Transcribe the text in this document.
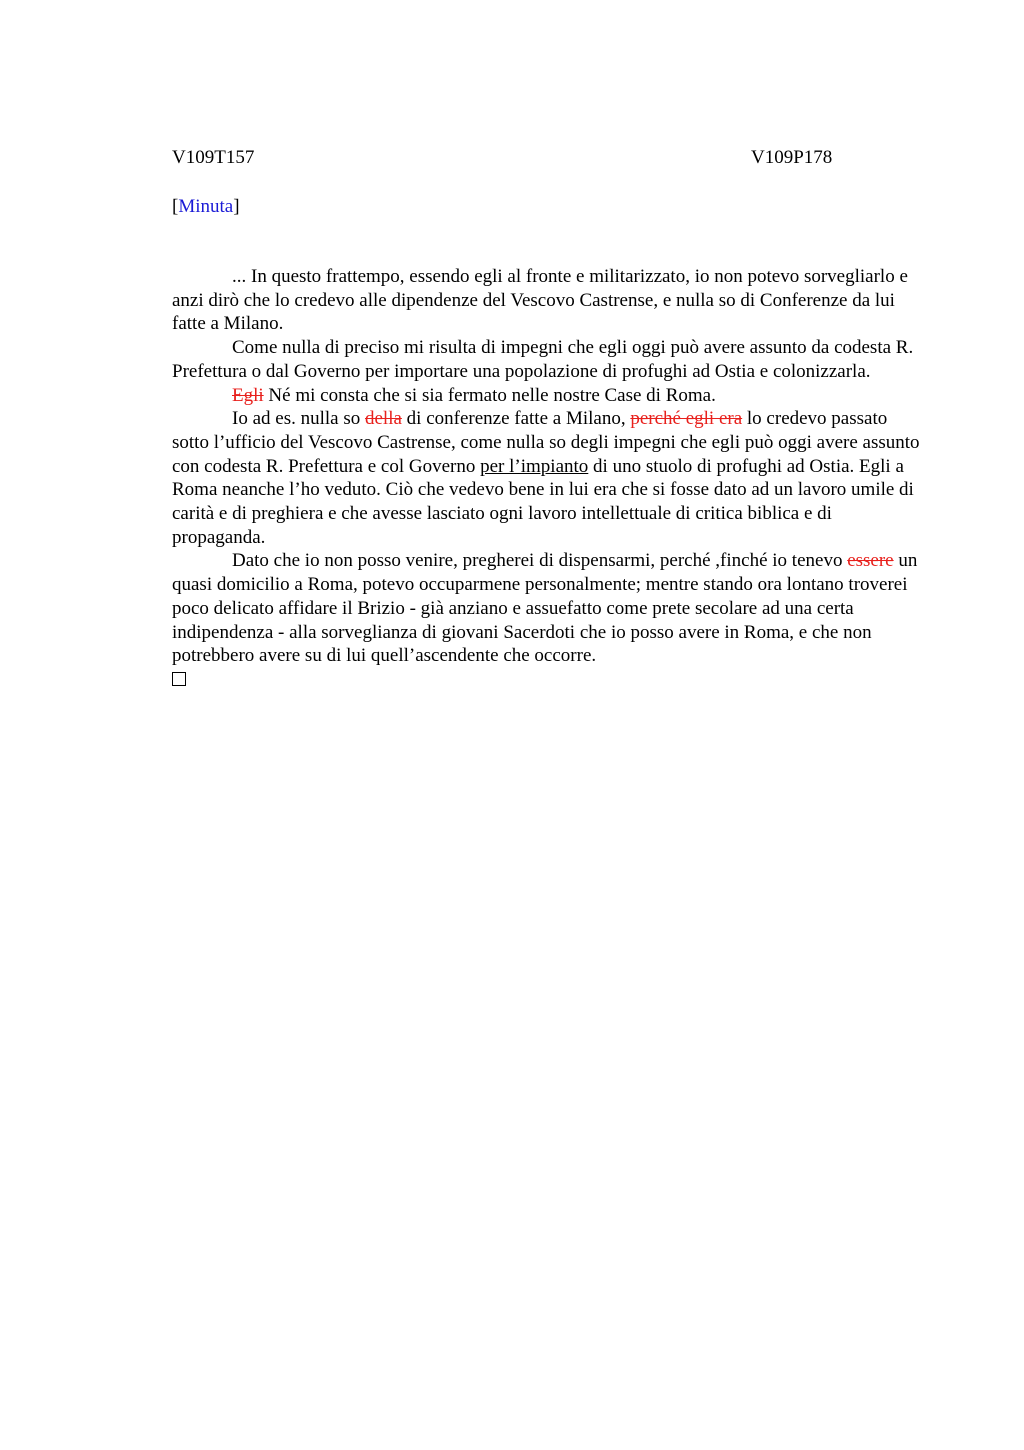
V109T157	V109P178
[Minuta]

... In questo frattempo, essendo egli al fronte e militarizzato, io non potevo sorvegliarlo e anzi dirò che lo credevo alle dipendenze del Vescovo Castrense, e nulla so di Conferenze da lui fatte a Milano.

Come nulla di preciso mi risulta di impegni che egli oggi può avere assunto da codesta R. Prefettura o dal Governo per importare una popolazione di profughi ad Ostia e colonizzarla.

Egli Né mi consta che si sia fermato nelle nostre Case di Roma.

Io ad es. nulla so della di conferenze fatte a Milano, perché egli era lo credevo passato sotto l’ufficio del Vescovo Castrense, come nulla so degli impegni che egli può oggi avere assunto con codesta R. Prefettura e col Governo per l’impianto di uno stuolo di profughi ad Ostia. Egli a Roma neanche l’ho veduto. Ciò che vedevo bene in lui era che si fosse dato ad un lavoro umile di carità e di preghiera e che avesse lasciato ogni lavoro intellettuale di critica biblica e di propaganda.

Dato che io non posso venire, pregherei di dispensarmi, perché ,finché io tenevo essere un quasi domicilio a Roma, potevo occuparmene personalmente; mentre stando ora lontano troverei poco delicato affidare il Brizio - già anziano e assuefatto come prete secolare ad una certa indipendenza - alla sorveglianza di giovani Sacerdoti che io posso avere in Roma, e che non potrebbero avere su di lui quell’ascendente che occorre.
